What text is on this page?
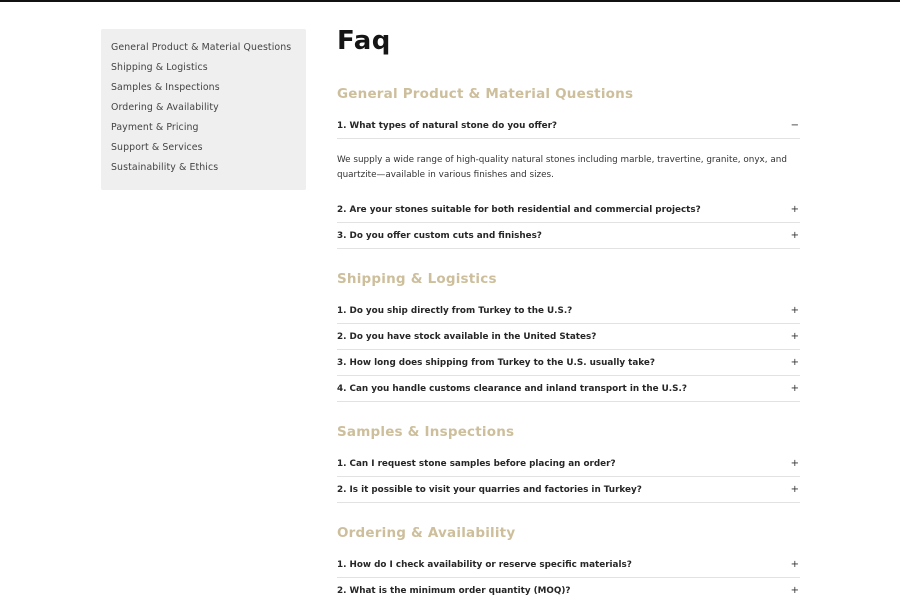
General Product & Material Questions
Shipping & Logistics
Samples & Inspections
Ordering & Availability
Payment & Pricing
Support & Services
Sustainability & Ethics
Faq
General Product & Material Questions
1. What types of natural stone do you offer?	−

We supply a wide range of high-quality natural stones including marble, travertine, granite, onyx, and quartzite—available in various finishes and sizes.

2. Are your stones suitable for both residential and commercial projects?	+
3. Do you offer custom cuts and finishes?	+
Shipping & Logistics
1. Do you ship directly from Turkey to the U.S.?	+
2. Do you have stock available in the United States?	+
3. How long does shipping from Turkey to the U.S. usually take?	+
4. Can you handle customs clearance and inland transport in the U.S.?	+
Samples & Inspections
1. Can I request stone samples before placing an order?	+
2. Is it possible to visit your quarries and factories in Turkey?	+
Ordering & Availability
1. How do I check availability or reserve specific materials?	+
2. What is the minimum order quantity (MOQ)?	+
